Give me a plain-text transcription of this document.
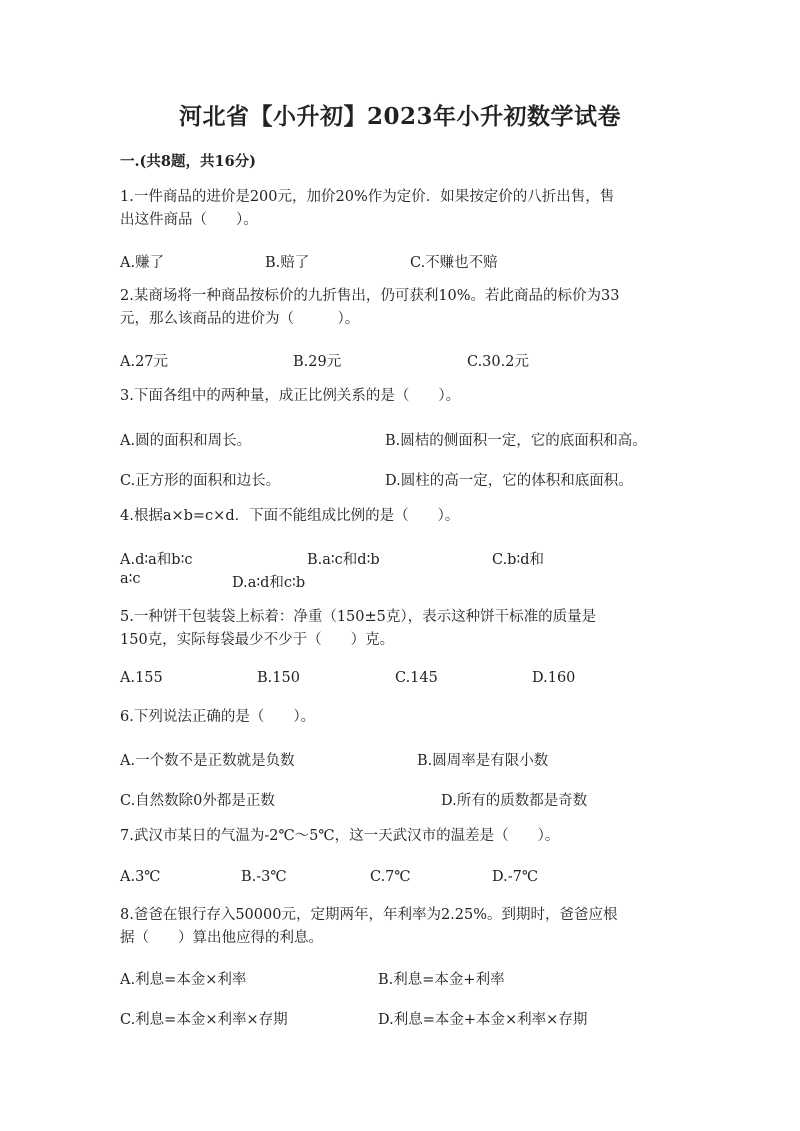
河北省【小升初】2023年小升初数学试卷
一.(共8题，共16分)
1.一件商品的进价是200元，加价20%作为定价．如果按定价的八折出售，售
出这件商品（　　）。
A.赚了	B.赔了	C.不赚也不赔
2.某商场将一种商品按标价的九折售出，仍可获利10%。若此商品的标价为33
元，那么该商品的进价为（　　　）。
A.27元	B.29元	C.30.2元
3.下面各组中的两种量，成正比例关系的是（　　）。
A.圆的面积和周长。	B.圆桔的侧面积一定，它的底面积和高。
C.正方形的面积和边长。	D.圆柱的高一定，它的体积和底面积。
4.根据a×b=c×d．下面不能组成比例的是（　　）。
A.d∶a和b∶c	B.a∶c和d∶b	C.b∶d和
a∶c	D.a∶d和c∶b
5.一种饼干包装袋上标着：净重（150±5克），表示这种饼干标准的质量是
150克，实际每袋最少不少于（　　）克。
A.155	B.150	C.145	D.160
6.下列说法正确的是（　　）。
A.一个数不是正数就是负数	B.圆周率是有限小数
C.自然数除0外都是正数	D.所有的质数都是奇数
7.武汉市某日的气温为-2℃～5℃，这一天武汉市的温差是（　　）。
A.3℃	B.-3℃	C.7℃	D.-7℃
8.爸爸在银行存入50000元，定期两年，年利率为2.25%。到期时，爸爸应根
据（　　）算出他应得的利息。
A.利息=本金×利率	B.利息=本金+利率
C.利息=本金×利率×存期	D.利息=本金+本金×利率×存期
